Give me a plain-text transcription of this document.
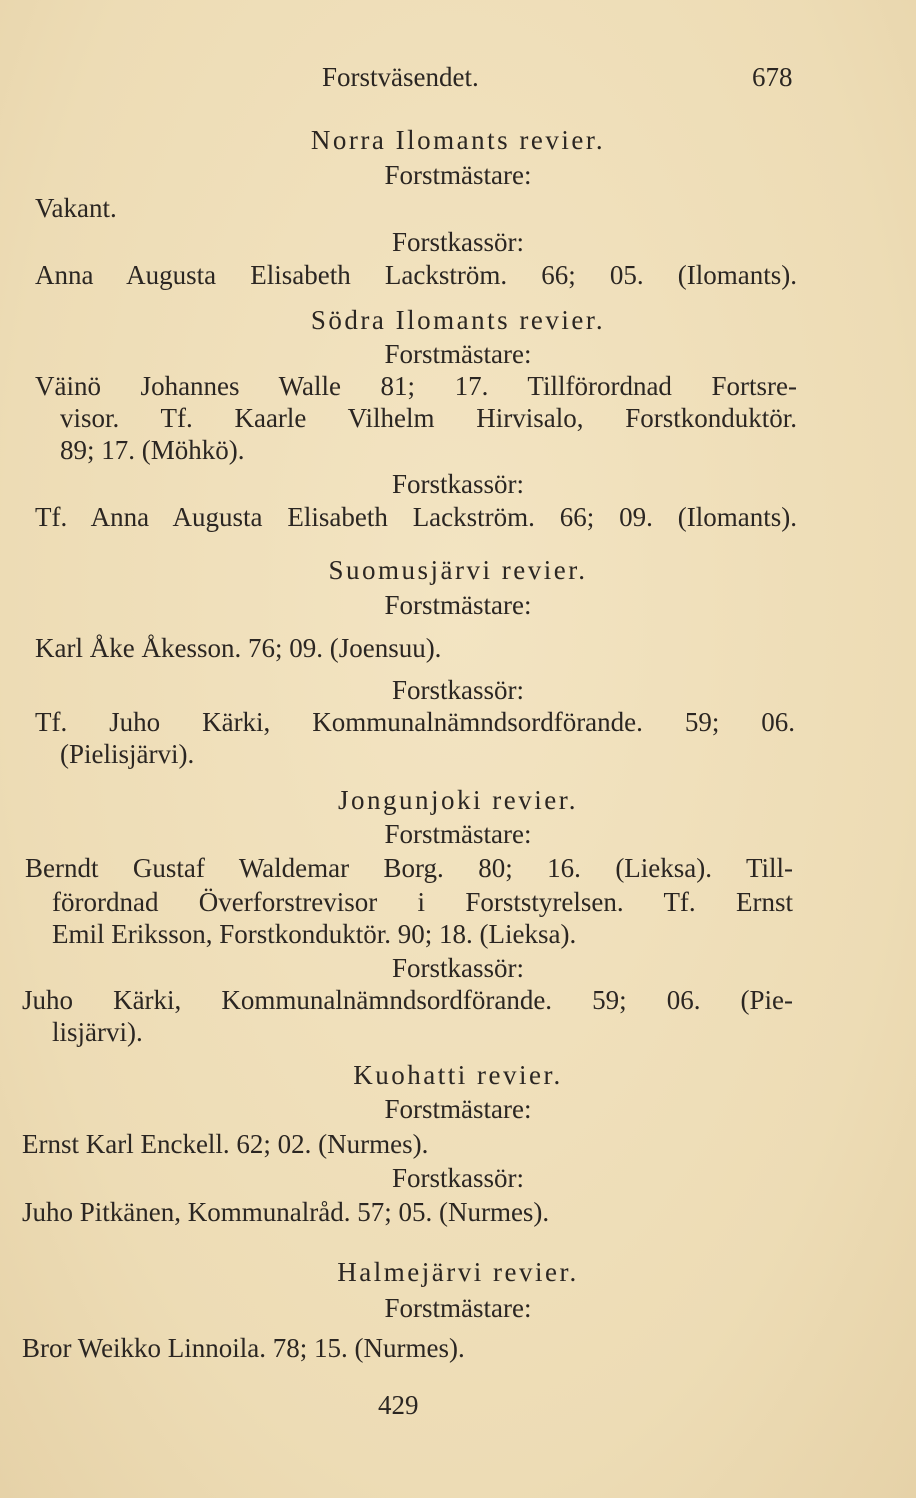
Forstväsendet.	678
Norra Ilomants revier.
Forstmästare:
Vakant.
Forstkassör:
Anna Augusta Elisabeth Lackström. 66; 05. (Ilomants).
Södra Ilomants revier.
Forstmästare:
Väinö Johannes Walle 81; 17. Tillförordnad Fortsre-
visor. Tf. Kaarle Vilhelm Hirvisalo, Forstkonduktör.
89; 17. (Möhkö).
Forstkassör:
Tf. Anna Augusta Elisabeth Lackström. 66; 09. (Ilomants).
Suomusjärvi revier.
Forstmästare:
Karl Åke Åkesson. 76; 09. (Joensuu).
Forstkassör:
Tf. Juho Kärki, Kommunalnämndsordförande. 59; 06.
(Pielisjärvi).
Jongunjoki revier.
Forstmästare:
Berndt Gustaf Waldemar Borg. 80; 16. (Lieksa). Till-
förordnad Överforstrevisor i Forststyrelsen. Tf. Ernst
Emil Eriksson, Forstkonduktör. 90; 18. (Lieksa).
Forstkassör:
Juho Kärki, Kommunalnämndsordförande. 59; 06. (Pie-
lisjärvi).
Kuohatti revier.
Forstmästare:
Ernst Karl Enckell. 62; 02. (Nurmes).
Forstkassör:
Juho Pitkänen, Kommunalråd. 57; 05. (Nurmes).
Halmejärvi revier.
Forstmästare:
Bror Weikko Linnoila. 78; 15. (Nurmes).
429
